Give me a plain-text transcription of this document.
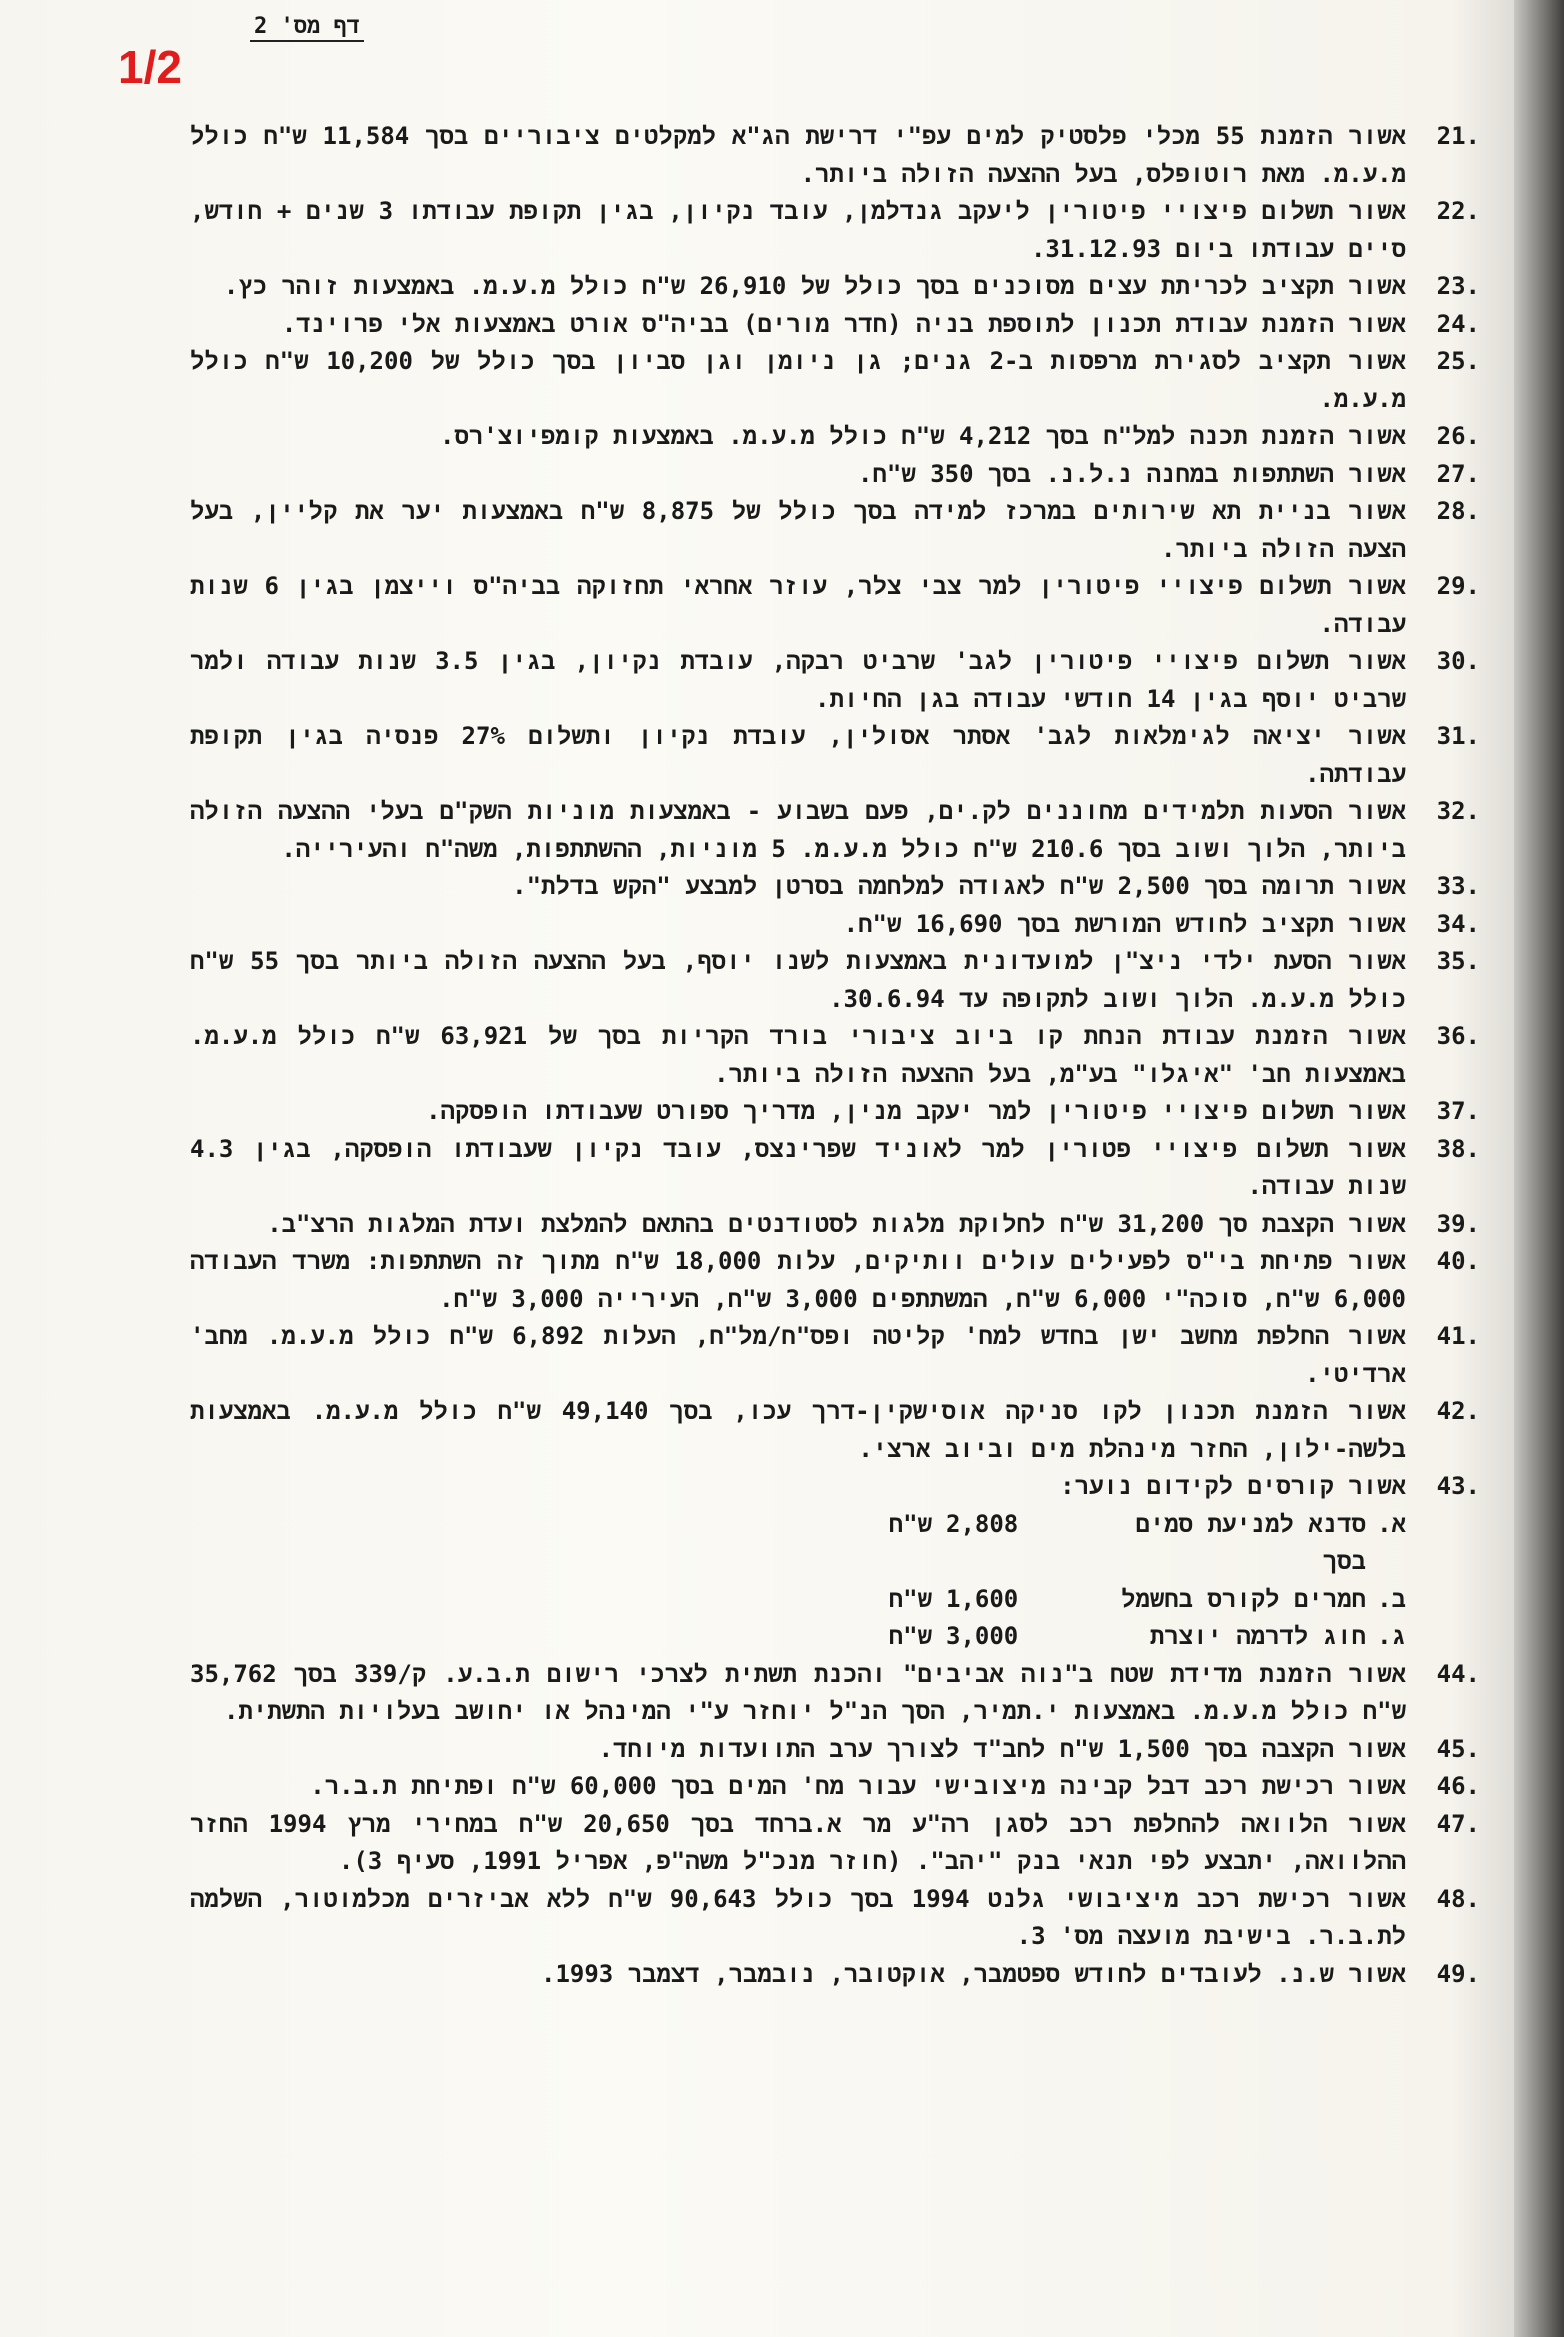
דף מס' 2
1/2
21.
אשור הזמנת 55 מכלי פלסטיק למים עפ"י דרישת הג"א למקלטים ציבוריים בסך 11,584 ש"ח כולל מ.ע.מ. מאת רוטופלס, בעל ההצעה הזולה ביותר.
22.
אשור תשלום פיצויי פיטורין ליעקב גנדלמן, עובד נקיון, בגין תקופת עבודתו 3 שנים + חודש, סיים עבודתו ביום 31.12.93.
23.
אשור תקציב לכריתת עצים מסוכנים בסך כולל של 26,910 ש"ח כולל מ.ע.מ. באמצעות זוהר כץ.
24.
אשור הזמנת עבודת תכנון לתוספת בניה (חדר מורים) בביה"ס אורט באמצעות אלי פרוינד.
25.
אשור תקציב לסגירת מרפסות ב-2 גנים; גן ניומן וגן סביון בסך כולל של 10,200 ש"ח כולל מ.ע.מ.
26.
אשור הזמנת תכנה למל"ח בסך 4,212 ש"ח כולל מ.ע.מ. באמצעות קומפיוצ'רס.
27.
אשור השתתפות במחנה נ.ל.נ. בסך 350 ש"ח.
28.
אשור בניית תא שירותים במרכז למידה בסך כולל של 8,875 ש"ח באמצעות יער את קליין, בעל הצעה הזולה ביותר.
29.
אשור תשלום פיצויי פיטורין למר צבי צלר, עוזר אחראי תחזוקה בביה"ס וייצמן בגין 6 שנות עבודה.
30.
אשור תשלום פיצויי פיטורין לגב' שרביט רבקה, עובדת נקיון, בגין 3.5 שנות עבודה ולמר שרביט יוסף בגין 14 חודשי עבודה בגן החיות.
31.
אשור יציאה לגימלאות לגב' אסתר אסולין, עובדת נקיון ותשלום 27% פנסיה בגין תקופת עבודתה.
32.
אשור הסעות תלמידים מחוננים לק.ים, פעם בשבוע - באמצעות מוניות השק"ם בעלי ההצעה הזולה ביותר, הלוך ושוב בסך 210.6 ש"ח כולל מ.ע.מ. 5 מוניות, ההשתתפות, משה"ח והעירייה.
33.
אשור תרומה בסך 2,500 ש"ח לאגודה למלחמה בסרטן למבצע "הקש בדלת".
34.
אשור תקציב לחודש המורשת בסך 16,690 ש"ח.
35.
אשור הסעת ילדי ניצ"ן למועדונית באמצעות לשנו יוסף, בעל ההצעה הזולה ביותר בסך 55 ש"ח כולל מ.ע.מ. הלוך ושוב לתקופה עד 30.6.94.
36.
אשור הזמנת עבודת הנחת קו ביוב ציבורי בורד הקריות בסך של 63,921 ש"ח כולל מ.ע.מ. באמצעות חב' "איגלו" בע"מ, בעל ההצעה הזולה ביותר.
37.
אשור תשלום פיצויי פיטורין למר יעקב מנין, מדריך ספורט שעבודתו הופסקה.
38.
אשור תשלום פיצויי פטורין למר לאוניד שפרינצס, עובד נקיון שעבודתו הופסקה, בגין 4.3 שנות עבודה.
39.
אשור הקצבת סך 31,200 ש"ח לחלוקת מלגות לסטודנטים בהתאם להמלצת ועדת המלגות הרצ"ב.
40.
אשור פתיחת בי"ס לפעילים עולים וותיקים, עלות 18,000 ש"ח מתוך זה השתתפות: משרד העבודה 6,000 ש"ח, סוכה"י 6,000 ש"ח, המשתתפים 3,000 ש"ח, העירייה 3,000 ש"ח.
41.
אשור החלפת מחשב ישן בחדש למח' קליטה ופס"ח/מל"ח, העלות 6,892 ש"ח כולל מ.ע.מ. מחב' ארדיטי.
42.
אשור הזמנת תכנון לקו סניקה אוסישקין-דרך עכו, בסך 49,140 ש"ח כולל מ.ע.מ. באמצעות בלשה-ילון, החזר מינהלת מים וביוב ארצי.
43.
אשור קורסים לקידום נוער:
א.
סדנא למניעת סמים בסך
2,808
ש"ח
ב.
חמרים לקורס בחשמל
1,600
ש"ח
ג.
חוג לדרמה יוצרת
3,000
ש"ח
44.
אשור הזמנת מדידת שטח ב"נוה אביבים" והכנת תשתית לצרכי רישום ת.ב.ע. ק/339 בסך 35,762 ש"ח כולל מ.ע.מ. באמצעות י.תמיר, הסך הנ"ל יוחזר ע"י המינהל או יחושב בעלויות התשתית.
45.
אשור הקצבה בסך 1,500 ש"ח לחב"ד לצורך ערב התוועדות מיוחד.
46.
אשור רכישת רכב דבל קבינה מיצובישי עבור מח' המים בסך 60,000 ש"ח ופתיחת ת.ב.ר.
47.
אשור הלוואה להחלפת רכב לסגן רה"ע מר א.ברחד בסך 20,650 ש"ח במחירי מרץ 1994 החזר ההלוואה, יתבצע לפי תנאי בנק "יהב". (חוזר מנכ"ל משה"פ, אפריל 1991, סעיף 3).
48.
אשור רכישת רכב מיציבושי גלנט 1994 בסך כולל 90,643 ש"ח ללא אביזרים מכלמוטור, השלמה לת.ב.ר. בישיבת מועצה מס' 3.
49.
אשור ש.נ. לעובדים לחודש ספטמבר, אוקטובר, נובמבר, דצמבר 1993.
